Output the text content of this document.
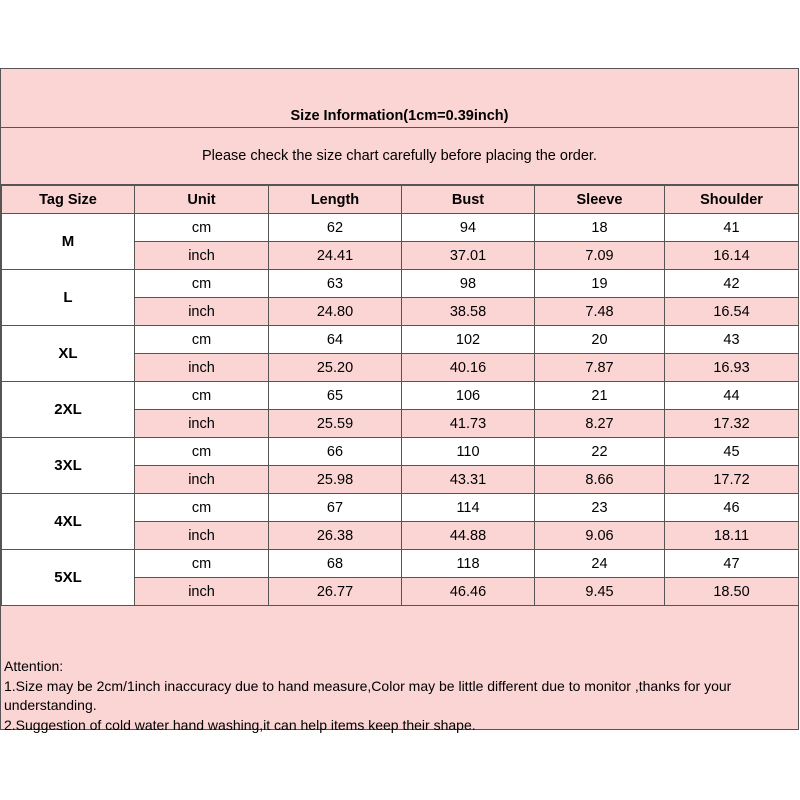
Size Information(1cm=0.39inch)
Please check the size chart carefully before placing the order.
Tag Size	Unit	Length	Bust	Sleeve	Shoulder
M	cm	62	94	18	41
	inch	24.41	37.01	7.09	16.14
L	cm	63	98	19	42
	inch	24.80	38.58	7.48	16.54
XL	cm	64	102	20	43
	inch	25.20	40.16	7.87	16.93
2XL	cm	65	106	21	44
	inch	25.59	41.73	8.27	17.32
3XL	cm	66	110	22	45
	inch	25.98	43.31	8.66	17.72
4XL	cm	67	114	23	46
	inch	26.38	44.88	9.06	18.11
5XL	cm	68	118	24	47
	inch	26.77	46.46	9.45	18.50
Attention:
1.Size may be 2cm/1inch inaccuracy due to hand measure,Color may be little different due to monitor ,thanks for your understanding.
2.Suggestion of cold water hand washing,it can help items keep their shape.
